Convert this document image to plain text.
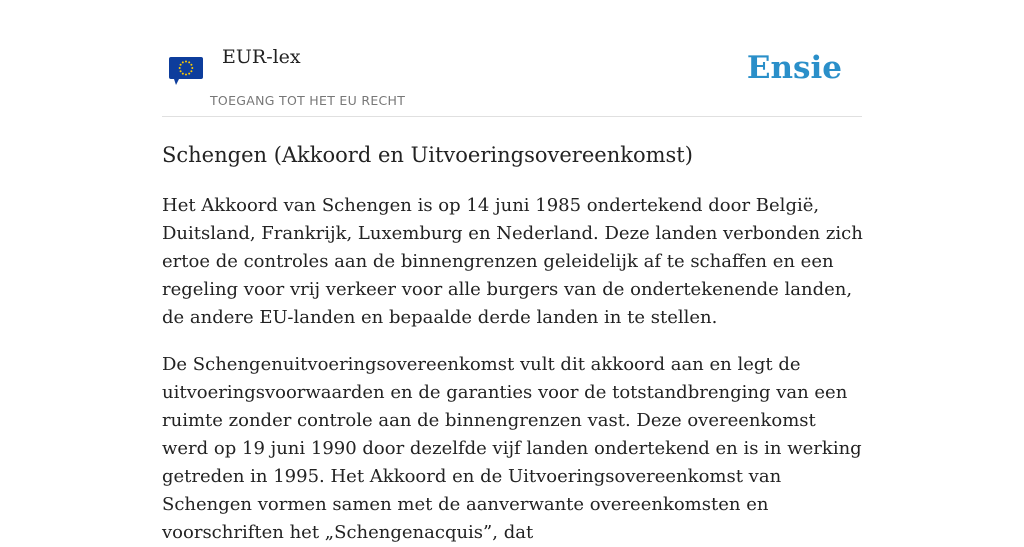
EUR-lex
TOEGANG TOT HET EU RECHT
Ensie
Schengen (Akkoord en Uitvoeringsovereenkomst)

Het Akkoord van Schengen is op 14 juni 1985 ondertekend door België, Duitsland, Frankrijk, Luxemburg en Nederland. Deze landen verbonden zich ertoe de controles aan de binnengrenzen geleidelijk af te schaffen en een regeling voor vrij verkeer voor alle burgers van de ondertekenende landen, de andere EU-landen en bepaalde derde landen in te stellen.

De Schengenuitvoeringsovereenkomst vult dit akkoord aan en legt de uitvoeringsvoorwaarden en de garanties voor de totstandbrenging van een ruimte zonder controle aan de binnengrenzen vast. Deze overeenkomst werd op 19 juni 1990 door dezelfde vijf landen ondertekend en is in werking getreden in 1995. Het Akkoord en de Uitvoeringsovereenkomst van Schengen vormen samen met de aanverwante overeenkomsten en voorschriften het „Schengenacquis”, dat
